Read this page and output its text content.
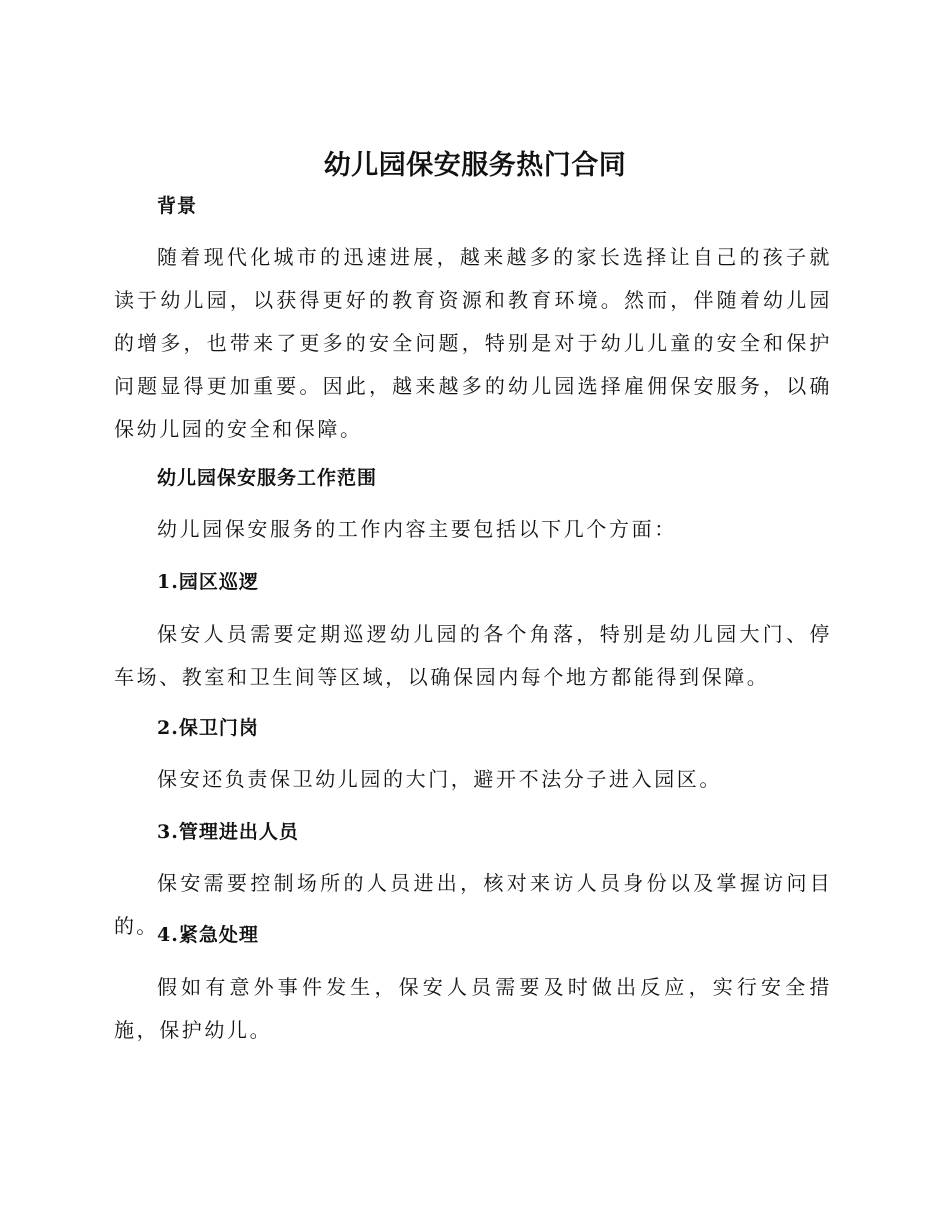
幼儿园保安服务热门合同
背景

随着现代化城市的迅速进展，越来越多的家长选择让自己的孩子就读于幼儿园，以获得更好的教育资源和教育环境。然而，伴随着幼儿园的增多，也带来了更多的安全问题，特别是对于幼儿儿童的安全和保护问题显得更加重要。因此，越来越多的幼儿园选择雇佣保安服务，以确保幼儿园的安全和保障。

幼儿园保安服务工作范围

幼儿园保安服务的工作内容主要包括以下几个方面：

1.园区巡逻

保安人员需要定期巡逻幼儿园的各个角落，特别是幼儿园大门、停车场、教室和卫生间等区域，以确保园内每个地方都能得到保障。

2.保卫门岗

保安还负责保卫幼儿园的大门，避开不法分子进入园区。

3.管理进出人员

保安需要控制场所的人员进出，核对来访人员身份以及掌握访问目的。

4.紧急处理

假如有意外事件发生，保安人员需要及时做出反应，实行安全措施，保护幼儿。
